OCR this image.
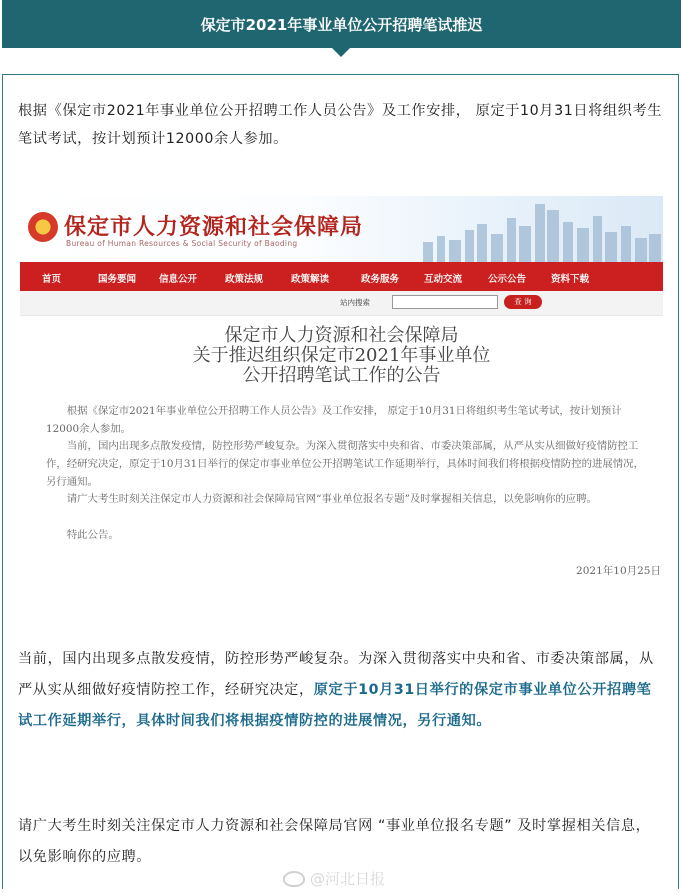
保定市2021年事业单位公开招聘笔试推迟
根据《保定市2021年事业单位公开招聘工作人员公告》及工作安排， 原定于10月31日将组织考生笔试考试，按计划预计12000余人参加。
保定市人力资源和社会保障局
Bureau of Human Resources & Social Security of Baoding
首页	国务要闻 信息公开	政策法规	政策解读	政务服务	互动交流	公示公告	资料下载
站内搜索	查 询
保定市人力资源和社会保障局
关于推迟组织保定市2021年事业单位
公开招聘笔试工作的公告
　　根据《保定市2021年事业单位公开招聘工作人员公告》及工作安排， 原定于10月31日将组织考生笔试考试，按计划预计12000余人参加。
　　当前，国内出现多点散发疫情，防控形势严峻复杂。为深入贯彻落实中央和省、市委决策部属，从严从实从细做好疫情防控工作，经研究决定，原定于10月31日举行的保定市事业单位公开招聘笔试工作延期举行，具体时间我们将根据疫情防控的进展情况，另行通知。
　　请广大考生时刻关注保定市人力资源和社会保障局官网“事业单位报名专题”及时掌握相关信息，以免影响你的应聘。
　　特此公告。
2021年10月25日
当前，国内出现多点散发疫情，防控形势严峻复杂。为深入贯彻落实中央和省、市委决策部属，从严从实从细做好疫情防控工作，经研究决定，原定于10月31日举行的保定市事业单位公开招聘笔试工作延期举行，具体时间我们将根据疫情防控的进展情况，另行通知。
请广大考生时刻关注保定市人力资源和社会保障局官网 “事业单位报名专题” 及时掌握相关信息，以免影响你的应聘。
@河北日报
